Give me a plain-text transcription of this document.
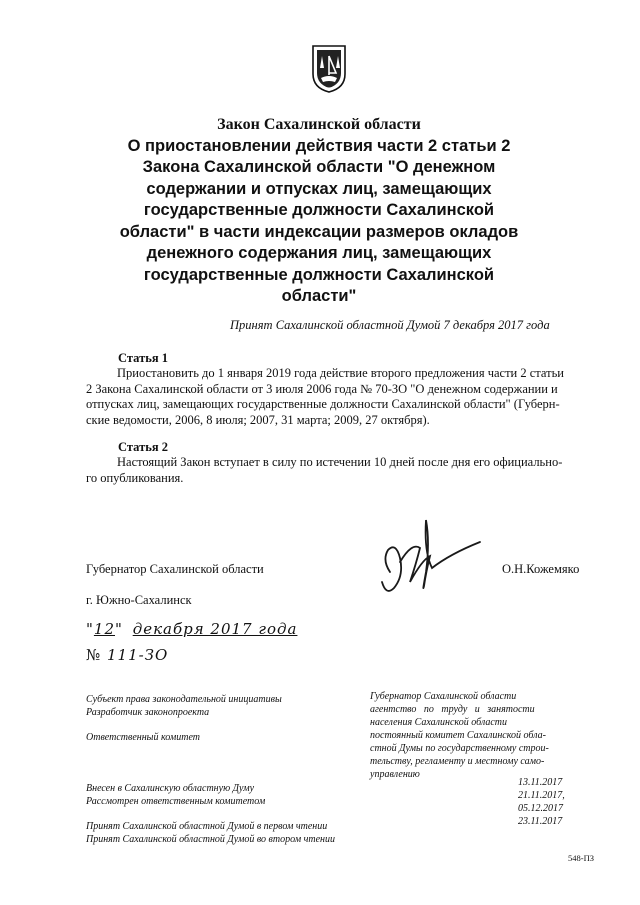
Закон Сахалинской области
О приостановлении действия части 2 статьи 2
Закона Сахалинской области "О денежном
содержании и отпусках лиц, замещающих
государственные должности Сахалинской
области" в части индексации размеров окладов
денежного содержания лиц, замещающих
государственные должности Сахалинской
области"
Принят Сахалинской областной Думой 7 декабря 2017 года
Статья 1
Приостановить до 1 января 2019 года действие второго предложения части 2 статьи
2 Закона Сахалинской области от 3 июля 2006 года № 70-ЗО "О денежном содержании и
отпусках лиц, замещающих государственные должности Сахалинской области" (Губерн-
ские ведомости, 2006, 8 июля; 2007, 31 марта; 2009, 27 октября).
Статья 2
Настоящий Закон вступает в силу по истечении 10 дней после дня его официально-
го опубликования.
Губернатор Сахалинской области	О.Н.Кожемяко
г. Южно-Сахалинск
"12" декабря 2017 года
№ 111-ЗО
Субъект права законодательной инициативы
Разработчик законопроекта
Ответственный комитет
Внесен в Сахалинскую областную Думу
Рассмотрен ответственным комитетом
Принят Сахалинской областной Думой в первом чтении
Принят Сахалинской областной Думой во втором чтении
Губернатор Сахалинской области
агентство по труду и занятости
населения Сахалинской области
постоянный комитет Сахалинской обла-
стной Думы по государственному строи-
тельству, регламенту и местному само-
управлению
13.11.2017
21.11.2017,
05.12.2017
23.11.2017
548-ПЗ
